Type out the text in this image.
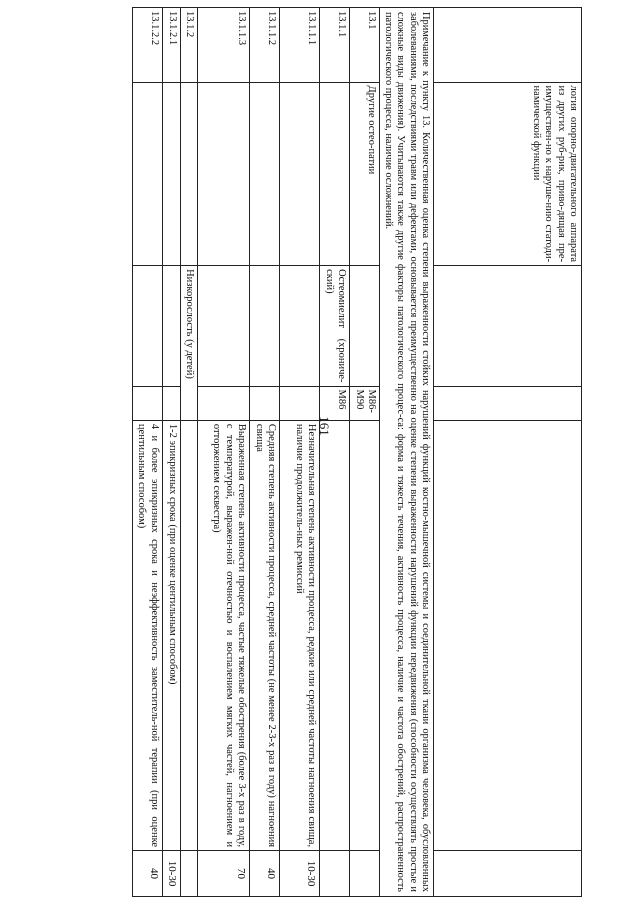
161
	логия опорно-двигательного аппарата из других руб-рик, приво-дящая пре-имуществен-но к наруше-нию статоди-намической функции				
Примечание к пункту 13. Количественная оценка степени выраженности стойких нарушений функций костно-мышечной системы и соединительной ткани организма человека, обусловленных заболеваниями, последствиями травм или дефектами, основывается преимущественно на оценке степени выраженности нарушений функции передвижения (способности осуществлять простые и сложные виды движения). Учитываются также другие факторы патологического процес-са: форма и тяжесть течения, активность процесса, наличие и частота обострений, распространенность патологического процесса, наличие осложнений.					
13.1	Другие остео-патии		М86-М90		
13.1.1		Остеомиелит (хрониче-ский)	М86		
13.1.1.1				Незначительная степень активности процесса, редкие или средней частоты нагноения свища, наличие продолжитель-ных ремиссий	10-30
13.1.1.2				Средняя степень активности процесса, средней частоты (не менее 2-3-х раз в году) нагноения свища	40
13.1.1.3				Выраженная степень активности процесса, частые тяжелые обострения (более 3-х раз в году, с температурой, выражен-ной отечностью и воспалением мягких частей, нагноением и отторжением секвестра)	70
13.1.2		Низкорослость (у детей)			
13.1.2.1				1-2 эпикризных срока (при оценке центильным способом)	10-30
13.1.2.2				4 и более эпикризных срока и неэффективность заместитель-ной терапии (при оценке центильным способом)	40
